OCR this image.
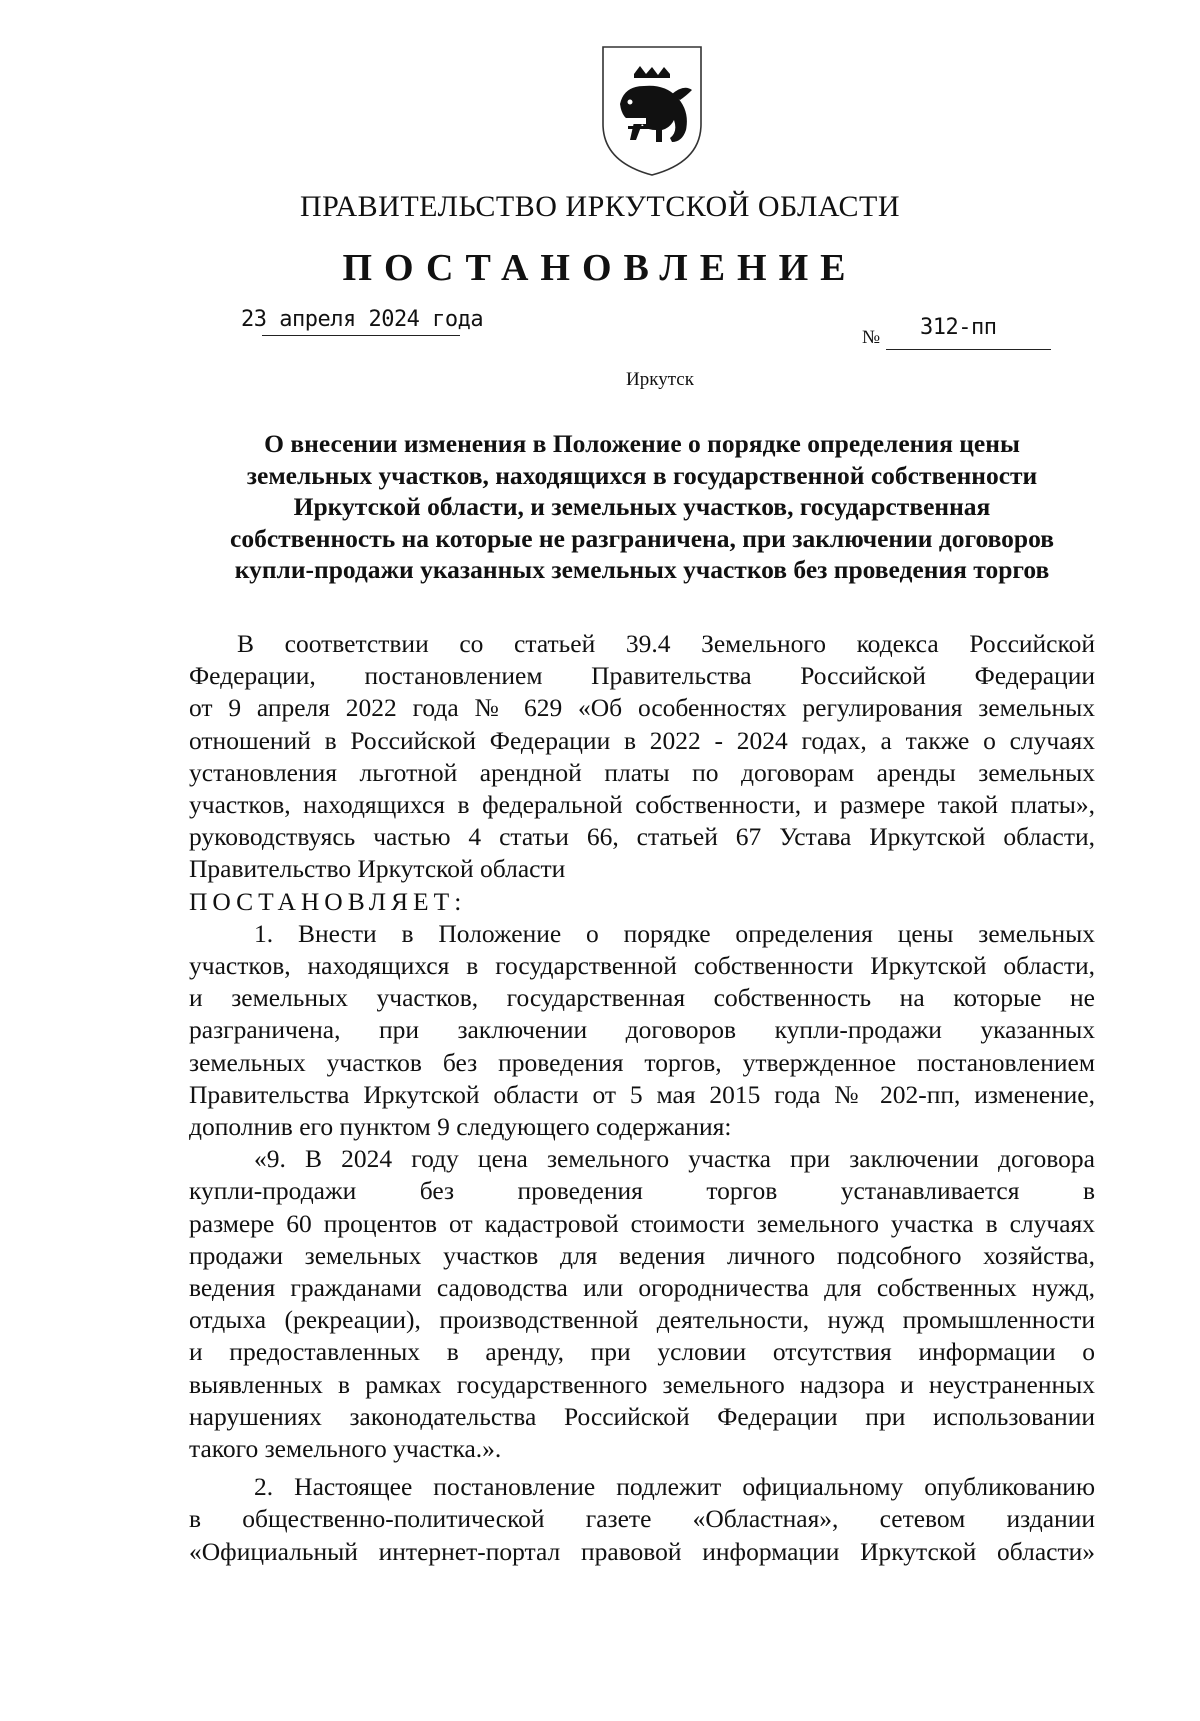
ПРАВИТЕЛЬСТВО ИРКУТСКОЙ ОБЛАСТИ
ПОСТАНОВЛЕНИЕ
23 апреля 2024 года
№ 312-пп
Иркутск
О внесении изменения в Положение о порядке определения цены
земельных участков, находящихся в государственной собственности
Иркутской области, и земельных участков, государственная
собственность на которые не разграничена, при заключении договоров
купли-продажи указанных земельных участков без проведения торгов

В соответствии со статьей 39.4 Земельного кодекса Российской

Федерации, постановлением Правительства Российской Федерации

от 9 апреля 2022 года № 629 «Об особенностях регулирования земельных

отношений в Российской Федерации в 2022 - 2024 годах, а также о случаях

установления льготной арендной платы по договорам аренды земельных

участков, находящихся в федеральной собственности, и размере такой платы»,

руководствуясь частью 4 статьи 66, статьей 67 Устава Иркутской области,

Правительство Иркутской области

ПОСТАНОВЛЯЕТ:

1. Внести в Положение о порядке определения цены земельных

участков, находящихся в государственной собственности Иркутской области,

и земельных участков, государственная собственность на которые не

разграничена, при заключении договоров купли-продажи указанных

земельных участков без проведения торгов, утвержденное постановлением

Правительства Иркутской области от 5 мая 2015 года № 202-пп, изменение,

дополнив его пунктом 9 следующего содержания:

«9. В 2024 году цена земельного участка при заключении договора

купли-продажи без проведения торгов устанавливается в

размере 60 процентов от кадастровой стоимости земельного участка в случаях

продажи земельных участков для ведения личного подсобного хозяйства,

ведения гражданами садоводства или огородничества для собственных нужд,

отдыха (рекреации), производственной деятельности, нужд промышленности

и предоставленных в аренду, при условии отсутствия информации о

выявленных в рамках государственного земельного надзора и неустраненных

нарушениях законодательства Российской Федерации при использовании

такого земельного участка.».

2. Настоящее постановление подлежит официальному опубликованию

в общественно-политической газете «Областная», сетевом издании

«Официальный интернет-портал правовой информации Иркутской области»
